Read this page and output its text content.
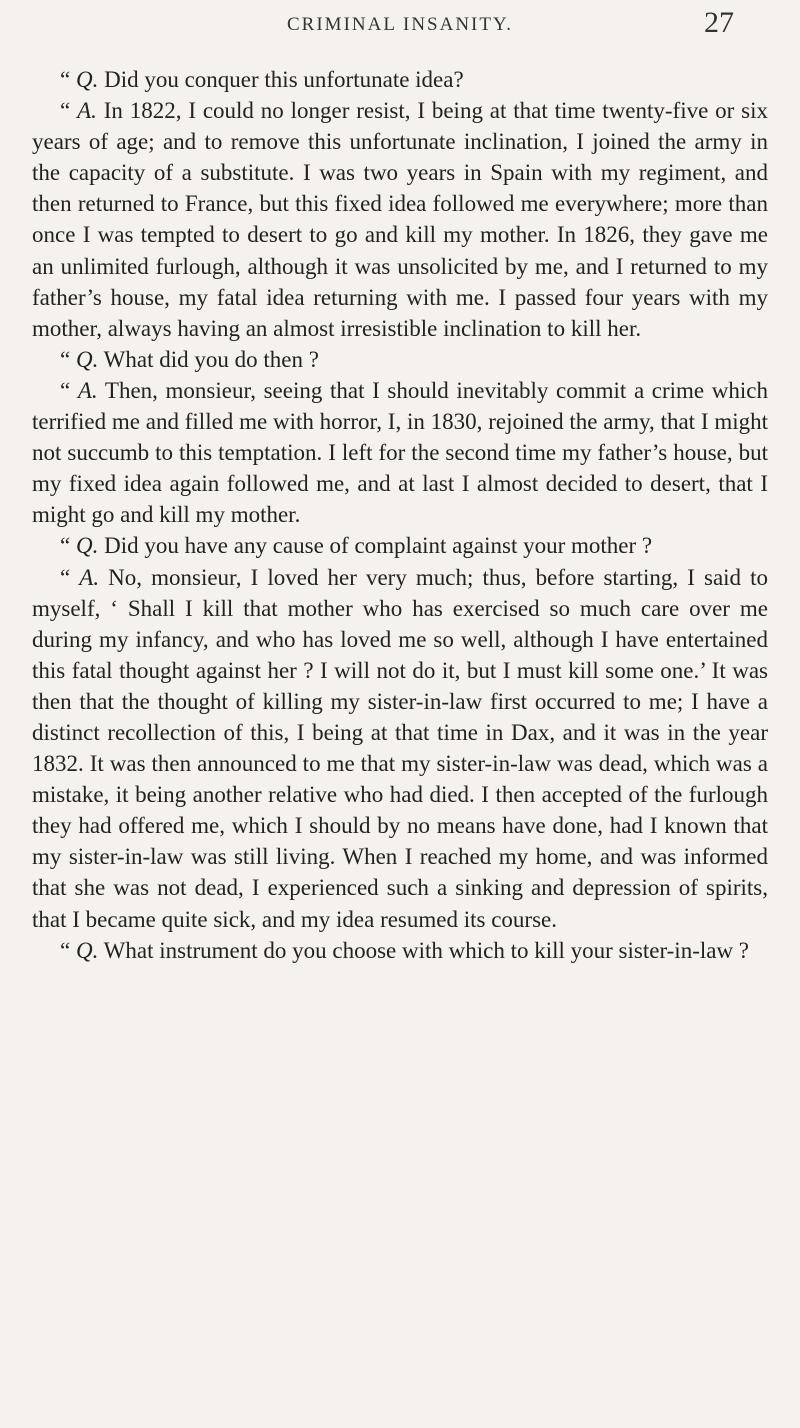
CRIMINAL INSANITY.	27

“ Q. Did you conquer this unfortunate idea?

“ A. In 1822, I could no longer resist, I being at that time twenty-five or six years of age; and to remove this unfortunate inclination, I joined the army in the capacity of a substitute. I was two years in Spain with my regiment, and then returned to France, but this fixed idea followed me everywhere; more than once I was tempted to desert to go and kill my mother. In 1826, they gave me an unlimited furlough, although it was unsolicited by me, and I returned to my father’s house, my fatal idea returning with me. I passed four years with my mother, always having an almost irresistible inclination to kill her.

“ Q. What did you do then ?

“ A. Then, monsieur, seeing that I should inevitably commit a crime which terrified me and filled me with horror, I, in 1830, rejoined the army, that I might not succumb to this temptation. I left for the second time my father’s house, but my fixed idea again followed me, and at last I almost decided to desert, that I might go and kill my mother.

“ Q. Did you have any cause of complaint against your mother ?

“ A. No, monsieur, I loved her very much; thus, before starting, I said to myself, ‘ Shall I kill that mother who has exercised so much care over me during my infancy, and who has loved me so well, although I have entertained this fatal thought against her ? I will not do it, but I must kill some one.’ It was then that the thought of killing my sister-in-law first occurred to me; I have a distinct recollection of this, I being at that time in Dax, and it was in the year 1832. It was then announced to me that my sister-in-law was dead, which was a mistake, it being another relative who had died. I then accepted of the furlough they had offered me, which I should by no means have done, had I known that my sister-in-law was still living. When I reached my home, and was informed that she was not dead, I experienced such a sinking and depression of spirits, that I became quite sick, and my idea resumed its course.

“ Q. What instrument do you choose with which to kill your sister-in-law ?
